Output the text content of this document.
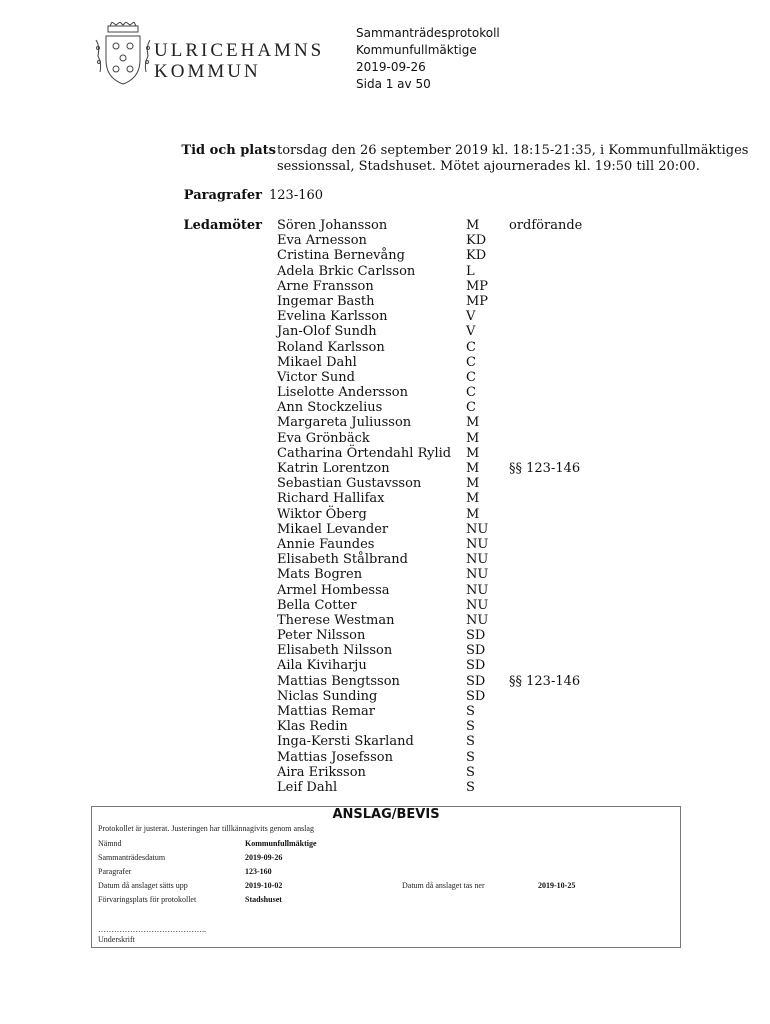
ULRICEHAMNS
KOMMUN
Sammanträdesprotokoll
Kommunfullmäktige
2019-09-26
Sida 1 av 50
Tid och plats torsdag den 26 september 2019 kl. 18:15-21:35, i Kommunfullmäktiges
sessionssal, Stadshuset. Mötet ajournerades kl. 19:50 till 20:00.
Paragrafer 123-160
Ledamöter Sören Johansson	M ordförande
Eva Arnesson	KD
Cristina Bernevång	KD
Adela Brkic Carlsson	L
Arne Fransson	MP
Ingemar Basth	MP
Evelina Karlsson	V
Jan-Olof Sundh	V
Roland Karlsson	C
Mikael Dahl	C
Victor Sund	C
Liselotte Andersson	C
Ann Stockzelius	C
Margareta Juliusson	M
Eva Grönbäck	M
Catharina Örtendahl Rylid M
Katrin Lorentzon	M §§ 123-146
Sebastian Gustavsson	M
Richard Hallifax	M
Wiktor Öberg	M
Mikael Levander	NU
Annie Faundes	NU
Elisabeth Stålbrand	NU
Mats Bogren	NU
Armel Hombessa	NU
Bella Cotter	NU
Therese Westman	NU
Peter Nilsson	SD
Elisabeth Nilsson	SD
Aila Kiviharju	SD
Mattias Bengtsson	SD §§ 123-146
Niclas Sunding	SD
Mattias Remar	S
Klas Redin	S
Inga-Kersti Skarland	S
Mattias Josefsson	S
Aira Eriksson	S
Leif Dahl	S
ANSLAG/BEVIS
Protokollet är justerat. Justeringen har tillkännagivits genom anslag
Nämnd	Kommunfullmäktige
Sammanträdesdatum	2019-09-26
Paragrafer	123-160
Datum då anslaget sätts upp	2019-10-02	Datum då anslaget tas ner	2019-10-25
Förvaringsplats för protokollet	Stadshuset
…………………………………..
Underskrift
